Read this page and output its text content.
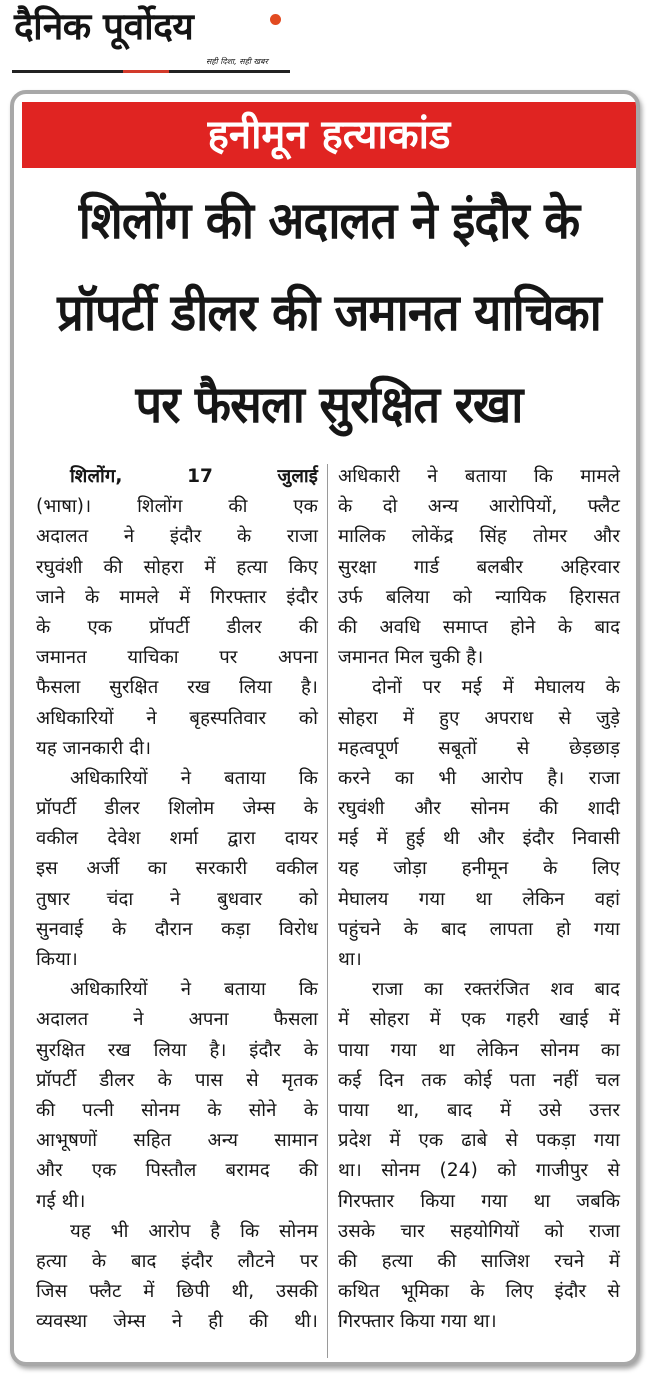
दैनिक पूर्वोदय
सही दिशा, सही खबर
हनीमून हत्याकांड
शिलोंग की अदालत ने इंदौर के
प्रॉपर्टी डीलर की जमानत याचिका
पर फैसला सुरक्षित रखा
शिलोंग, 17 जुलाई
(भाषा)। शिलोंग की एक
अदालत ने इंदौर के राजा
रघुवंशी की सोहरा में हत्या किए
जाने के मामले में गिरफ्तार इंदौर
के एक प्रॉपर्टी डीलर की
जमानत याचिका पर अपना
फैसला सुरक्षित रख लिया है।
अधिकारियों ने बृहस्पतिवार को
यह जानकारी दी।
अधिकारियों ने बताया कि
प्रॉपर्टी डीलर शिलोम जेम्स के
वकील देवेश शर्मा द्वारा दायर
इस अर्जी का सरकारी वकील
तुषार चंदा ने बुधवार को
सुनवाई के दौरान कड़ा विरोध
किया।
अधिकारियों ने बताया कि
अदालत ने अपना फैसला
सुरक्षित रख लिया है। इंदौर के
प्रॉपर्टी डीलर के पास से मृतक
की पत्नी सोनम के सोने के
आभूषणों सहित अन्य सामान
और एक पिस्तौल बरामद की
गई थी।
यह भी आरोप है कि सोनम
हत्या के बाद इंदौर लौटने पर
जिस फ्लैट में छिपी थी, उसकी
व्यवस्था जेम्स ने ही की थी।
अधिकारी ने बताया कि मामले
के दो अन्य आरोपियों, फ्लैट
मालिक लोकेंद्र सिंह तोमर और
सुरक्षा गार्ड बलबीर अहिरवार
उर्फ बलिया को न्यायिक हिरासत
की अवधि समाप्त होने के बाद
जमानत मिल चुकी है।
दोनों पर मई में मेघालय के
सोहरा में हुए अपराध से जुड़े
महत्वपूर्ण सबूतों से छेड़छाड़
करने का भी आरोप है। राजा
रघुवंशी और सोनम की शादी
मई में हुई थी और इंदौर निवासी
यह जोड़ा हनीमून के लिए
मेघालय गया था लेकिन वहां
पहुंचने के बाद लापता हो गया
था।
राजा का रक्तरंजित शव बाद
में सोहरा में एक गहरी खाई में
पाया गया था लेकिन सोनम का
कई दिन तक कोई पता नहीं चल
पाया था, बाद में उसे उत्तर
प्रदेश में एक ढाबे से पकड़ा गया
था। सोनम (24) को गाजीपुर से
गिरफ्तार किया गया था जबकि
उसके चार सहयोगियों को राजा
की हत्या की साजिश रचने में
कथित भूमिका के लिए इंदौर से
गिरफ्तार किया गया था।
